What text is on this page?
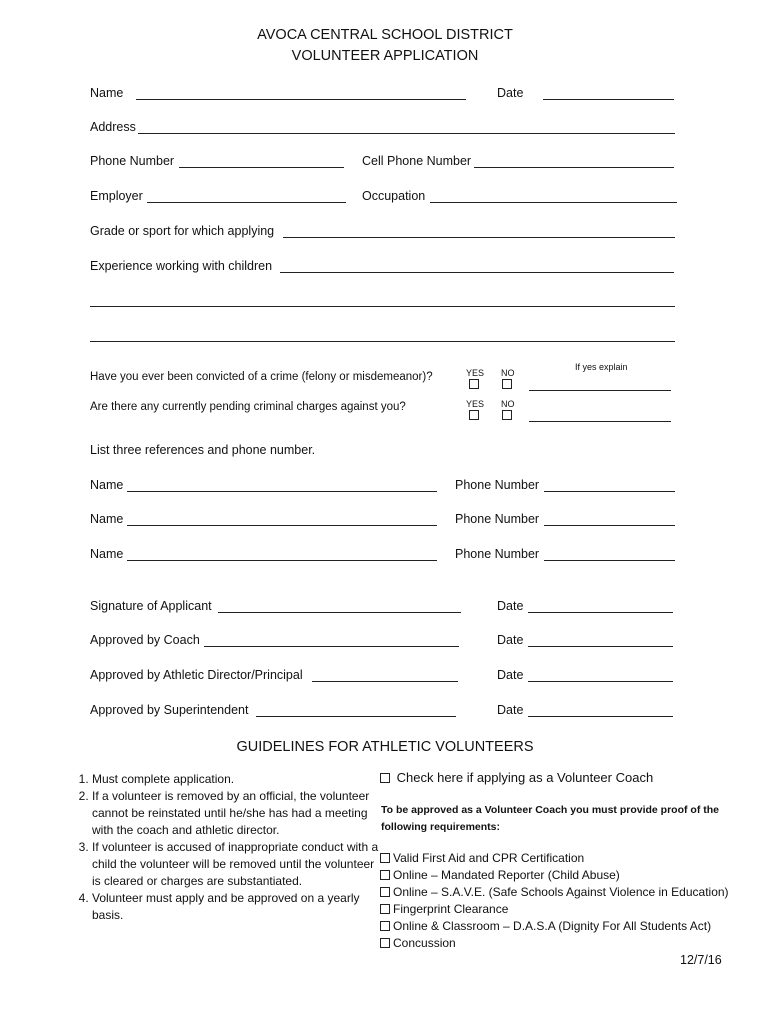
AVOCA CENTRAL SCHOOL DISTRICT
VOLUNTEER APPLICATION
Name	Date
Address
Phone Number	Cell Phone Number
Employer	Occupation
Grade or sport for which applying
Experience working with children
If yes explain
YES NO
Have you ever been convicted of a crime (felony or misdemeanor)?
YES NO
Are there any currently pending criminal charges against you?
List three references and phone number.
Name	Phone Number
Name	Phone Number
Name	Phone Number
Signature of Applicant	Date
Approved by Coach	Date
Approved by Athletic Director/Principal	Date
Approved by Superintendent	Date
GUIDELINES FOR ATHLETIC VOLUNTEERS
1. Must complete application.
2. If a volunteer is removed by an official, the volunteer cannot be reinstated until he/she has had a meeting with the coach and athletic director.
3. If volunteer is accused of inappropriate conduct with a child the volunteer will be removed until the volunteer is cleared or charges are substantiated.
4. Volunteer must apply and be approved on a yearly basis.
Check here if applying as a Volunteer Coach
To be approved as a Volunteer Coach you must provide proof of the following requirements:
Valid First Aid and CPR Certification
Online – Mandated Reporter (Child Abuse)
Online – S.A.V.E. (Safe Schools Against Violence in Education)
Fingerprint Clearance
Online & Classroom – D.A.S.A (Dignity For All Students Act)
Concussion
12/7/16
